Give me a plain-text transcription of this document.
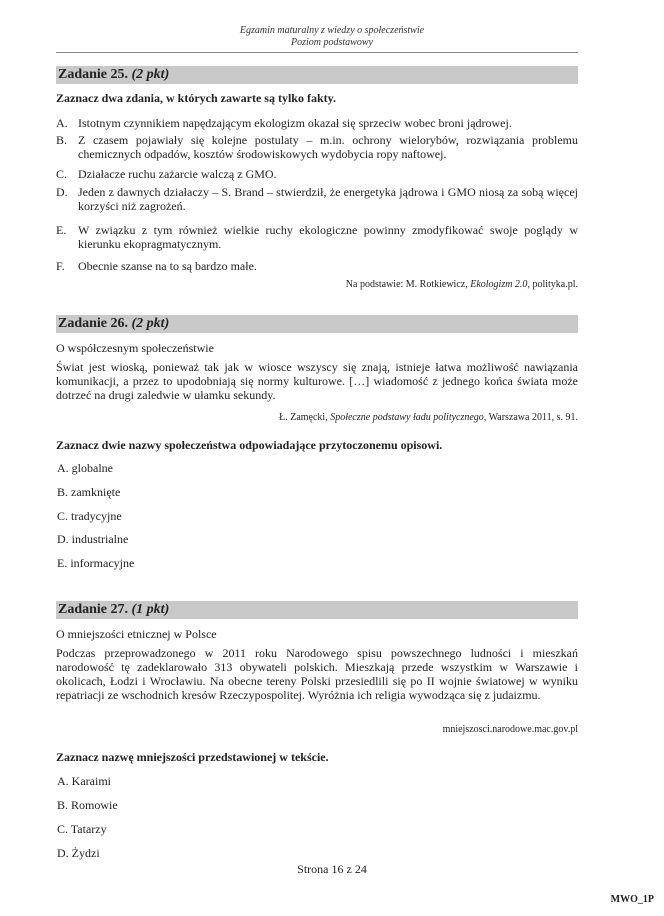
Egzamin maturalny z wiedzy o społeczeństwie
Poziom podstawowy
Zadanie 25. (2 pkt)
Zaznacz dwa zdania, w których zawarte są tylko fakty.
A. Istotnym czynnikiem napędzającym ekologizm okazał się sprzeciw wobec broni jądrowej.
B. Z czasem pojawiały się kolejne postulaty – m.in. ochrony wielorybów, rozwiązania problemu chemicznych odpadów, kosztów środowiskowych wydobycia ropy naftowej.
C. Działacze ruchu zażarcie walczą z GMO.
D. Jeden z dawnych działaczy – S. Brand – stwierdził, że energetyka jądrowa i GMO niosą za sobą więcej korzyści niż zagrożeń.
E. W związku z tym również wielkie ruchy ekologiczne powinny zmodyfikować swoje poglądy w kierunku ekopragmatycznym.
F. Obecnie szanse na to są bardzo małe.
Na podstawie: M. Rotkiewicz, Ekologizm 2.0, polityka.pl.
Zadanie 26. (2 pkt)
O współczesnym społeczeństwie
Świat jest wioską, ponieważ tak jak w wiosce wszyscy się znają, istnieje łatwa możliwość nawiązania komunikacji, a przez to upodobniają się normy kulturowe. […] wiadomość z jednego końca świata może dotrzeć na drugi zaledwie w ułamku sekundy.
Ł. Zamęcki, Społeczne podstawy ładu politycznego, Warszawa 2011, s. 91.
Zaznacz dwie nazwy społeczeństwa odpowiadające przytoczonemu opisowi.
A. globalne
B. zamknięte
C. tradycyjne
D. industrialne
E. informacyjne
Zadanie 27. (1 pkt)
O mniejszości etnicznej w Polsce
Podczas przeprowadzonego w 2011 roku Narodowego spisu powszechnego ludności i mieszkań narodowość tę zadeklarowało 313 obywateli polskich. Mieszkają przede wszystkim w Warszawie i okolicach, Łodzi i Wrocławiu. Na obecne tereny Polski przesiedlili się po II wojnie światowej w wyniku repatriacji ze wschodnich kresów Rzeczypospolitej. Wyróżnia ich religia wywodząca się z judaizmu.
mniejszosci.narodowe.mac.gov.pl
Zaznacz nazwę mniejszości przedstawionej w tekście.
A. Karaimi
B. Romowie
C. Tatarzy
D. Żydzi
Strona 16 z 24
MWO_1P
